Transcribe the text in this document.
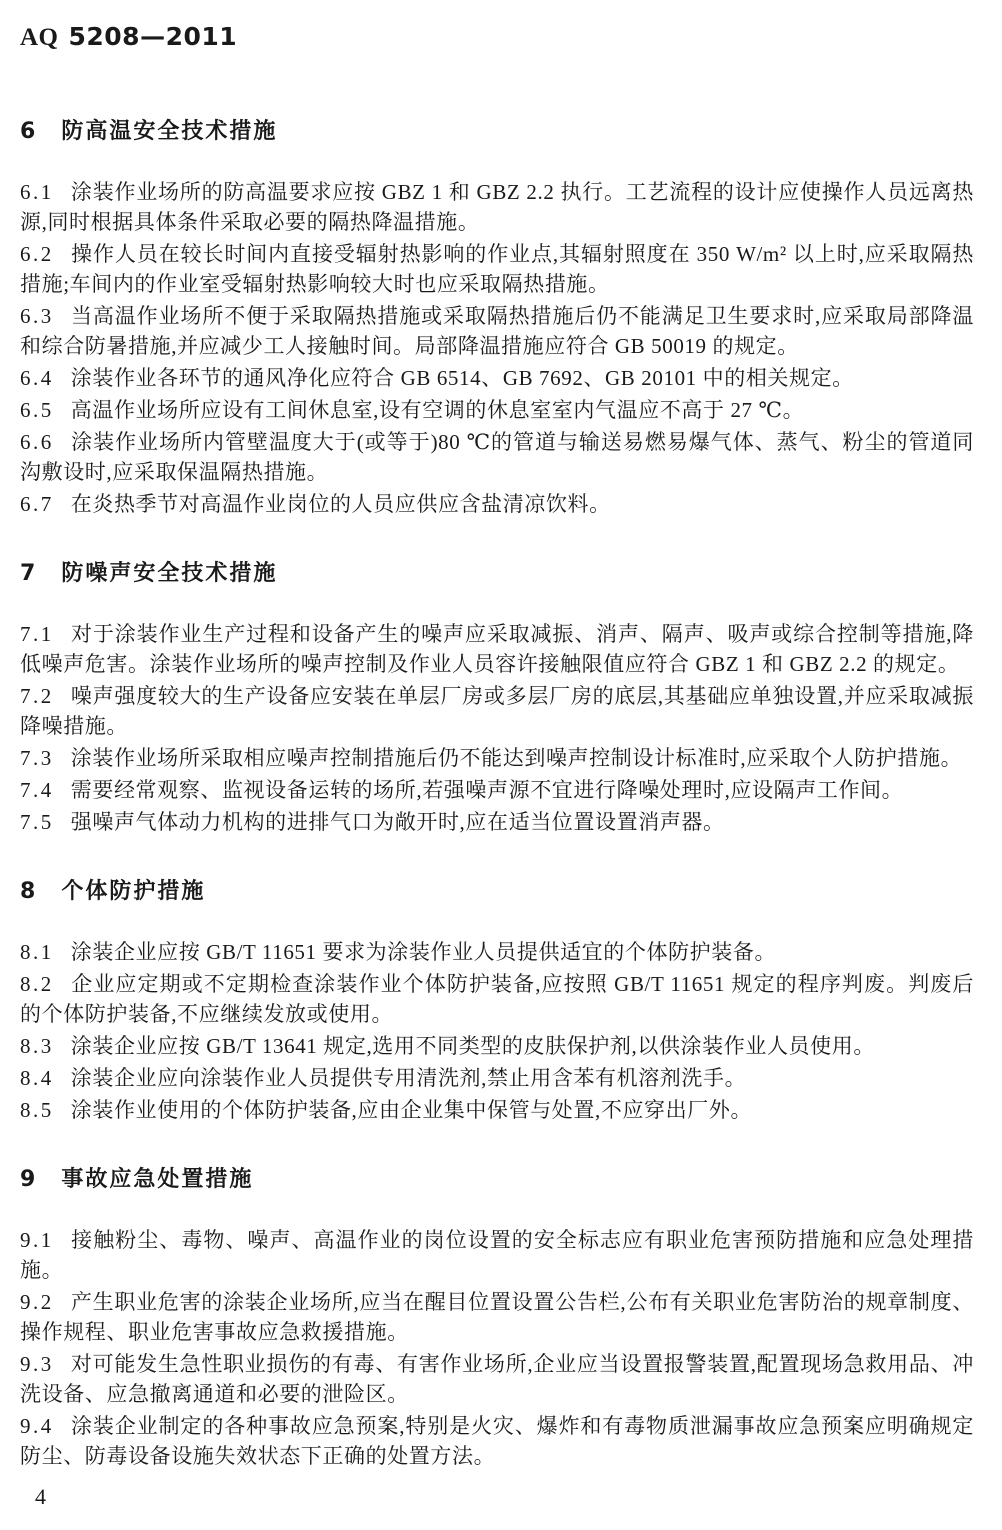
AQ 5208—2011
6 防高温安全技术措施

6.1 涂装作业场所的防高温要求应按 GBZ 1 和 GBZ 2.2 执行。工艺流程的设计应使操作人员远离热源,同时根据具体条件采取必要的隔热降温措施。

6.2 操作人员在较长时间内直接受辐射热影响的作业点,其辐射照度在 350 W/m² 以上时,应采取隔热措施;车间内的作业室受辐射热影响较大时也应采取隔热措施。

6.3 当高温作业场所不便于采取隔热措施或采取隔热措施后仍不能满足卫生要求时,应采取局部降温和综合防暑措施,并应减少工人接触时间。局部降温措施应符合 GB 50019 的规定。

6.4 涂装作业各环节的通风净化应符合 GB 6514、GB 7692、GB 20101 中的相关规定。

6.5 高温作业场所应设有工间休息室,设有空调的休息室室内气温应不高于 27 ℃。

6.6 涂装作业场所内管壁温度大于(或等于)80 ℃的管道与输送易燃易爆气体、蒸气、粉尘的管道同沟敷设时,应采取保温隔热措施。

6.7 在炎热季节对高温作业岗位的人员应供应含盐清凉饮料。

7 防噪声安全技术措施

7.1 对于涂装作业生产过程和设备产生的噪声应采取减振、消声、隔声、吸声或综合控制等措施,降低噪声危害。涂装作业场所的噪声控制及作业人员容许接触限值应符合 GBZ 1 和 GBZ 2.2 的规定。

7.2 噪声强度较大的生产设备应安装在单层厂房或多层厂房的底层,其基础应单独设置,并应采取减振降噪措施。

7.3 涂装作业场所采取相应噪声控制措施后仍不能达到噪声控制设计标准时,应采取个人防护措施。

7.4 需要经常观察、监视设备运转的场所,若强噪声源不宜进行降噪处理时,应设隔声工作间。

7.5 强噪声气体动力机构的进排气口为敞开时,应在适当位置设置消声器。

8 个体防护措施

8.1 涂装企业应按 GB/T 11651 要求为涂装作业人员提供适宜的个体防护装备。

8.2 企业应定期或不定期检查涂装作业个体防护装备,应按照 GB/T 11651 规定的程序判废。判废后的个体防护装备,不应继续发放或使用。

8.3 涂装企业应按 GB/T 13641 规定,选用不同类型的皮肤保护剂,以供涂装作业人员使用。

8.4 涂装企业应向涂装作业人员提供专用清洗剂,禁止用含苯有机溶剂洗手。

8.5 涂装作业使用的个体防护装备,应由企业集中保管与处置,不应穿出厂外。

9 事故应急处置措施

9.1 接触粉尘、毒物、噪声、高温作业的岗位设置的安全标志应有职业危害预防措施和应急处理措施。

9.2 产生职业危害的涂装企业场所,应当在醒目位置设置公告栏,公布有关职业危害防治的规章制度、操作规程、职业危害事故应急救援措施。

9.3 对可能发生急性职业损伤的有毒、有害作业场所,企业应当设置报警装置,配置现场急救用品、冲洗设备、应急撤离通道和必要的泄险区。

9.4 涂装企业制定的各种事故应急预案,特别是火灾、爆炸和有毒物质泄漏事故应急预案应明确规定防尘、防毒设备设施失效状态下正确的处置方法。

4
